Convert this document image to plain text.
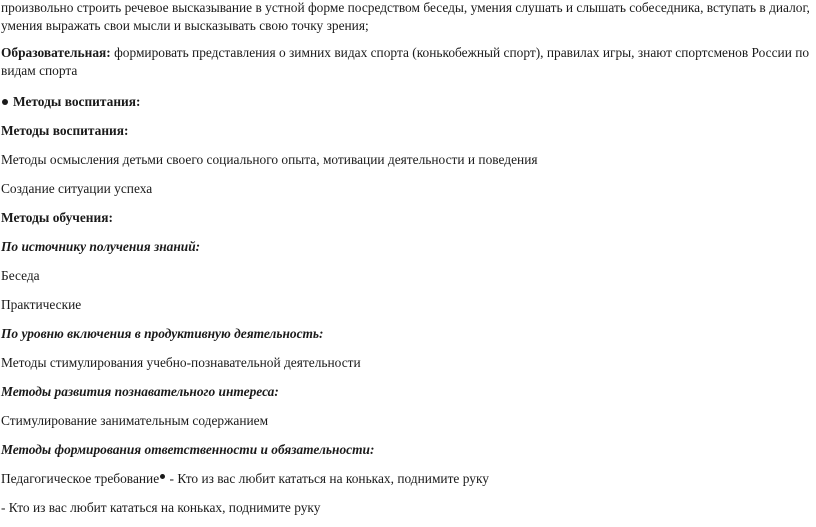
произвольно строить речевое высказывание в устной форме посредством беседы, умения слушать и слышать собеседника, вступать в диалог, умения выражать свои мысли и высказывать свою точку зрения;
Образовательная: формировать представления о зимних видах спорта (конькобежный спорт), правилах игры, знают спортсменов России по видам спорта
Методы воспитания:
Методы воспитания:
Методы осмысления детьми своего социального опыта, мотивации деятельности и поведения
Создание ситуации успеха
Методы обучения:
По источнику получения знаний:
Беседа
Практические
По уровню включения в продуктивную деятельность:
Методы стимулирования учебно-познавательной деятельности
Методы развития познавательного интереса:
Стимулирование занимательным содержанием
Методы формирования ответственности и обязательности:
Педагогическое требование - Кто из вас любит кататься на коньках, поднимите руку
- Кто из вас любит кататься на коньках, поднимите руку
